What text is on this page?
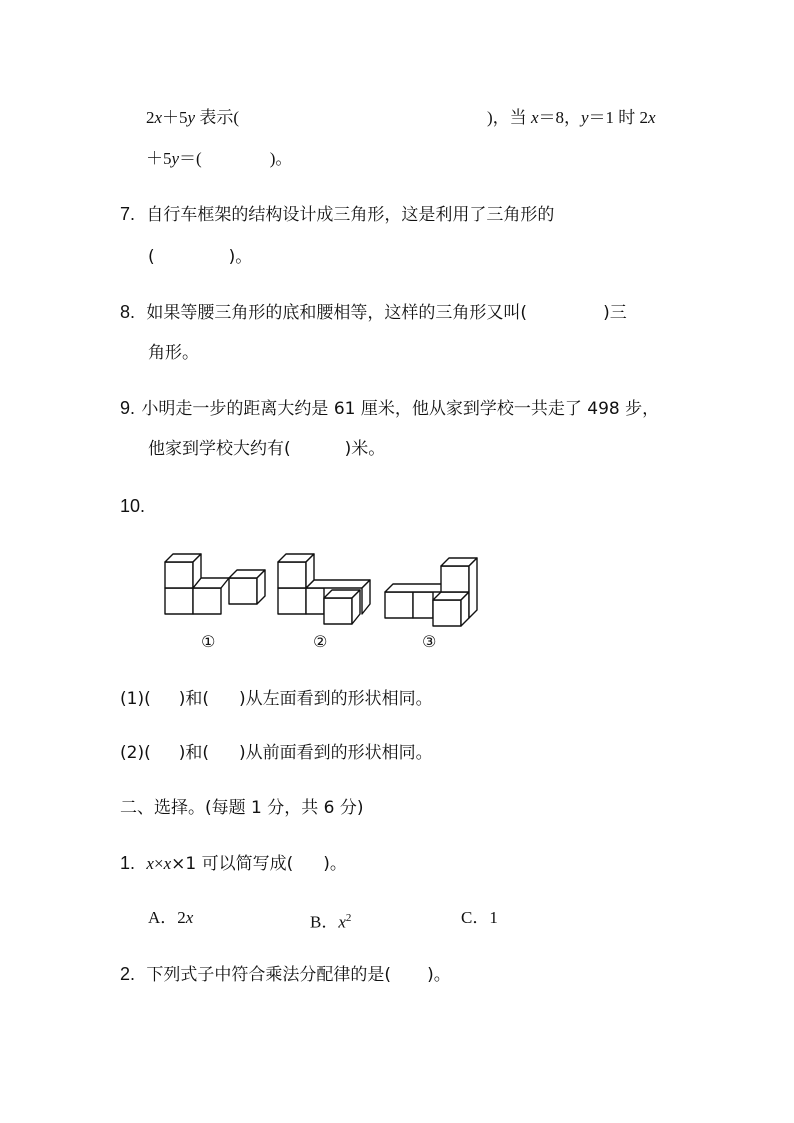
2x＋5y 表示(	)，当 x＝8，y＝1 时 2x
＋5y＝(	)。
7. 自行车框架的结构设计成三角形，这是利用了三角形的
(	)。
8. 如果等腰三角形的底和腰相等，这样的三角形又叫(	)三
角形。
9. 小明走一步的距离大约是 61 厘米，他从家到学校一共走了 498 步，
他家到学校大约有(	)米。
10.
①	②	③
(1)( )和( )从左面看到的形状相同。
(2)( )和( )从前面看到的形状相同。
二、选择。(每题 1 分，共 6 分)
1. x×x×1 可以简写成( )。
A．2x	B．$x^2$	C．1
2. 下列式子中符合乘法分配律的是( )。
